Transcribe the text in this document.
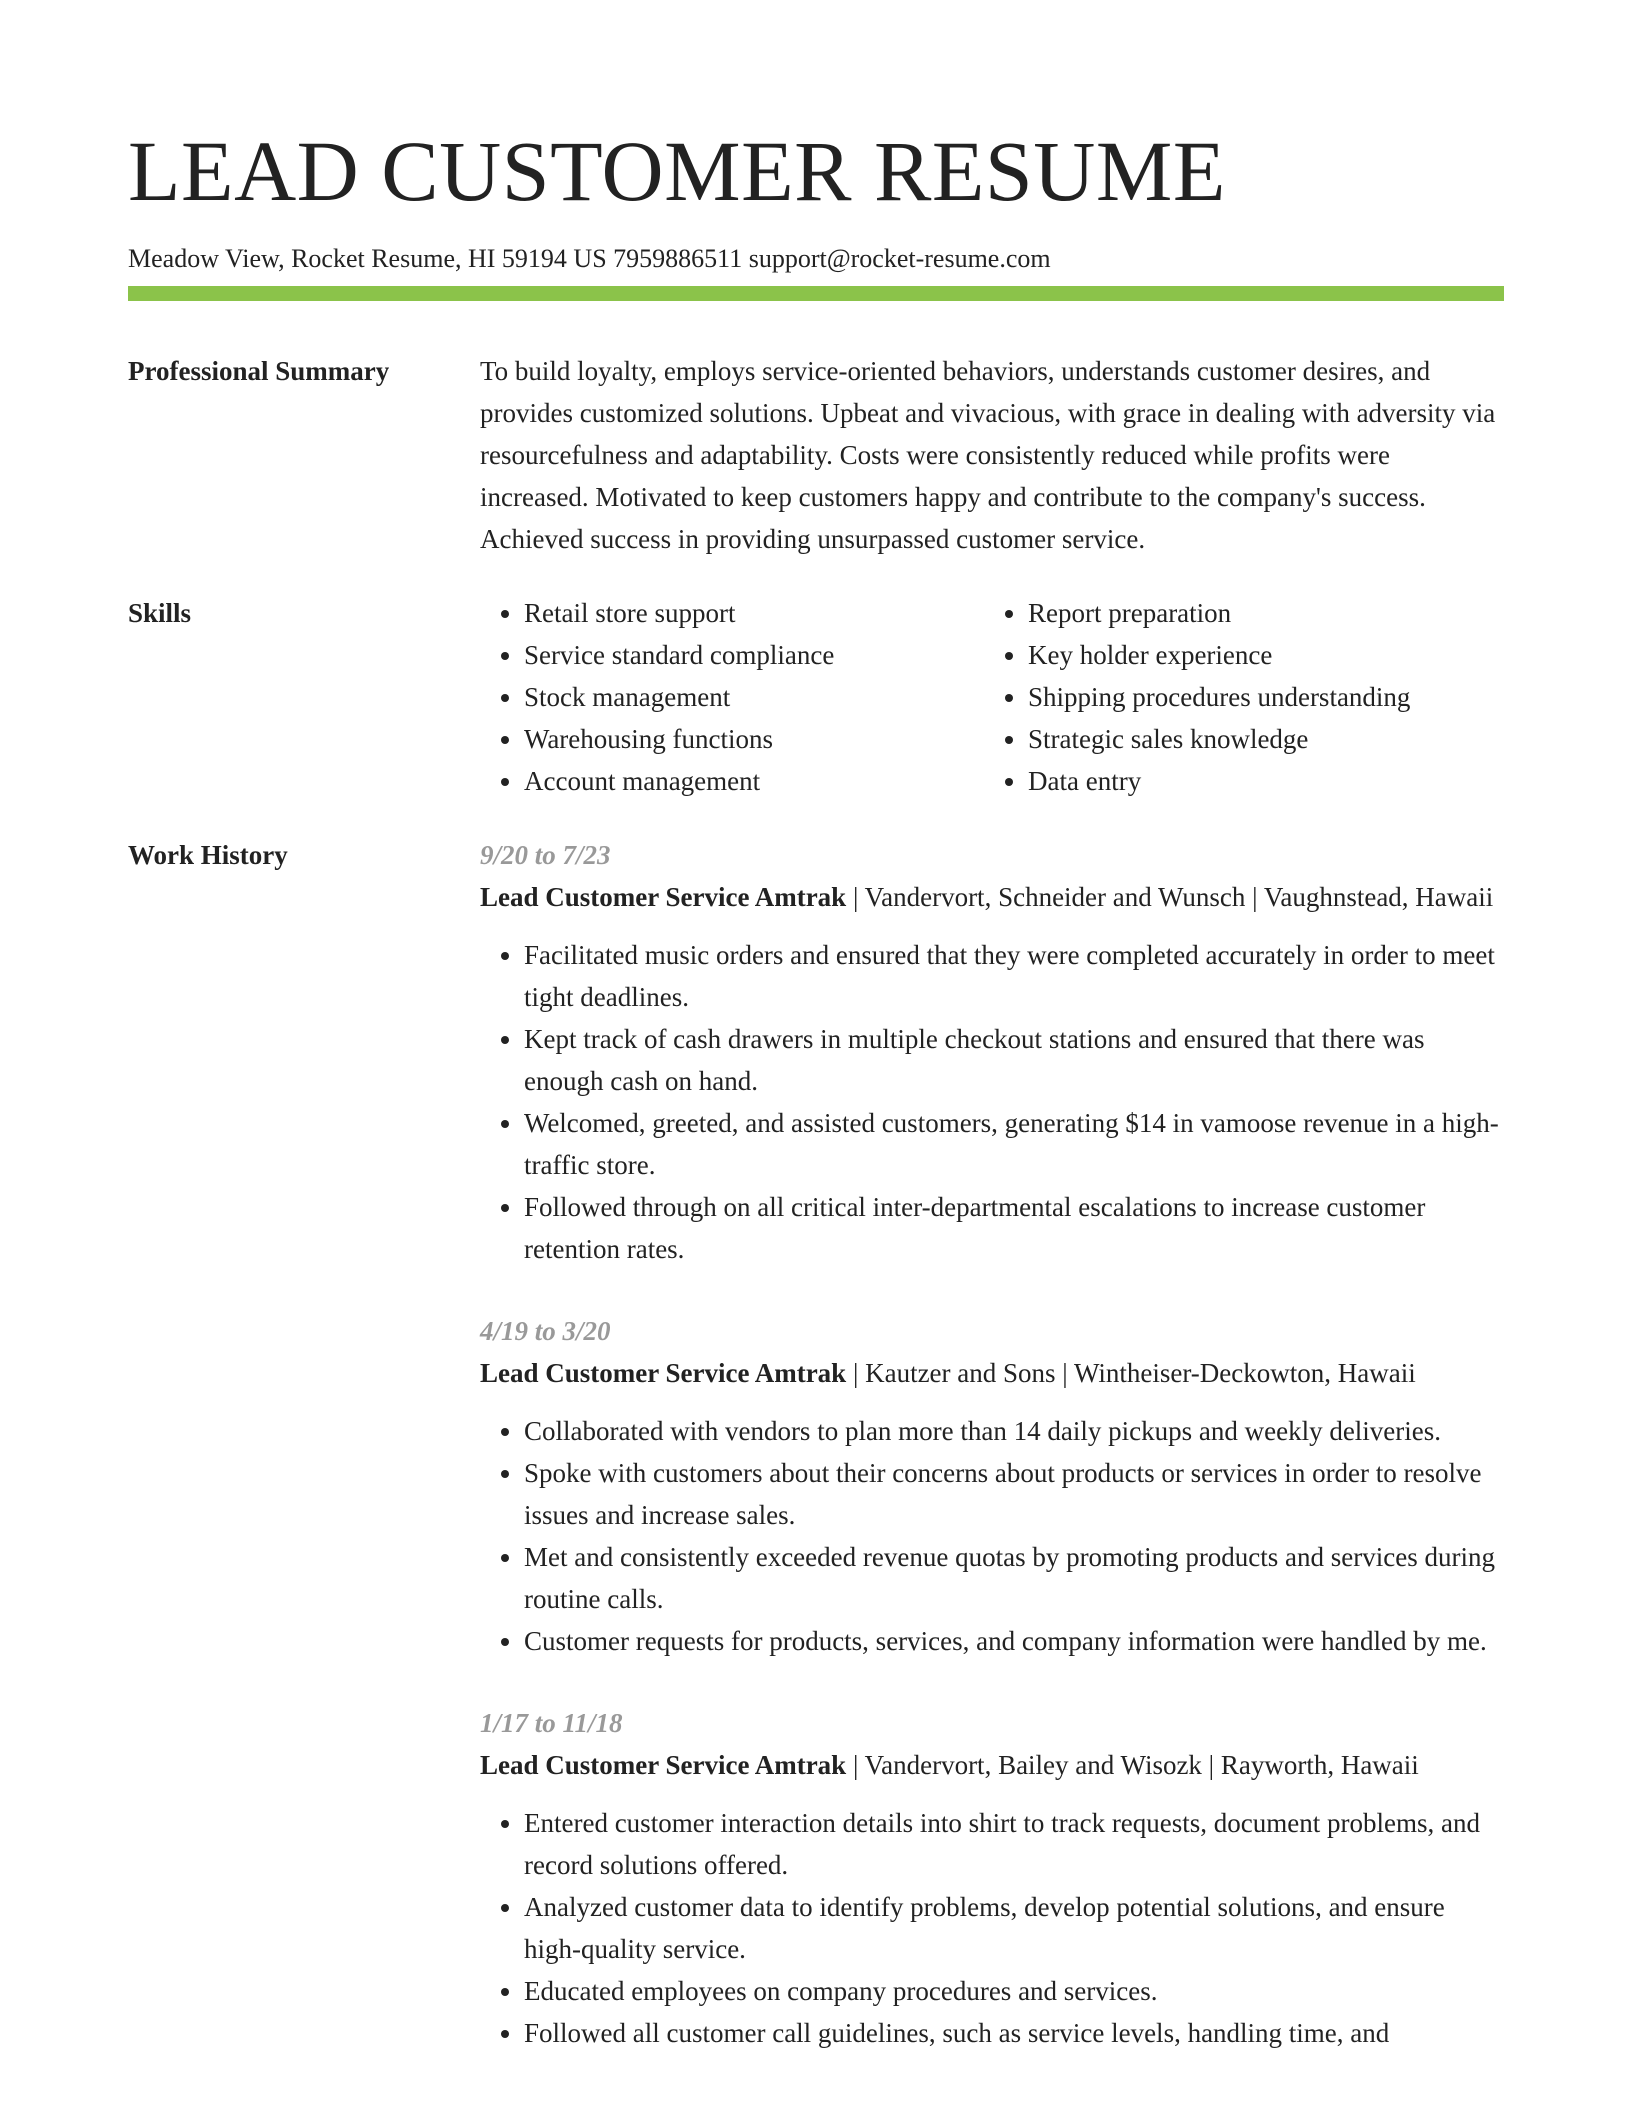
LEAD CUSTOMER RESUME
Meadow View, Rocket Resume, HI 59194 US 7959886511 support@rocket-resume.com
Professional Summary	To build loyalty, employs service-oriented behaviors, understands customer desires, and provides customized solutions. Upbeat and vivacious, with grace in dealing with adversity via resourcefulness and adaptability. Costs were consistently reduced while profits were increased. Motivated to keep customers happy and contribute to the company's success. Achieved success in providing unsurpassed customer service.

Skills
•	Retail store support
• Service standard compliance
• Stock management
• Warehousing functions
• Account management
• Report preparation
• Key holder experience
• Shipping procedures understanding
• Strategic sales knowledge
• Data entry
Work History	9/20 to 7/23
Lead Customer Service Amtrak | Vandervort, Schneider and Wunsch | Vaughnstead, Hawaii
• Facilitated music orders and ensured that they were completed accurately in order to meet tight deadlines.
• Kept track of cash drawers in multiple checkout stations and ensured that there was enough cash on hand.
• Welcomed, greeted, and assisted customers, generating $14 in vamoose revenue in a high-traffic store.
• Followed through on all critical inter-departmental escalations to increase customer retention rates.
4/19 to 3/20
Lead Customer Service Amtrak | Kautzer and Sons | Wintheiser-Deckowton, Hawaii
• Collaborated with vendors to plan more than 14 daily pickups and weekly deliveries.
• Spoke with customers about their concerns about products or services in order to resolve issues and increase sales.
• Met and consistently exceeded revenue quotas by promoting products and services during routine calls.
• Customer requests for products, services, and company information were handled by me.
1/17 to 11/18
Lead Customer Service Amtrak | Vandervort, Bailey and Wisozk | Rayworth, Hawaii
• Entered customer interaction details into shirt to track requests, document problems, and record solutions offered.
• Analyzed customer data to identify problems, develop potential solutions, and ensure high-quality service.
• Educated employees on company procedures and services.
• Followed all customer call guidelines, such as service levels, handling time, and
